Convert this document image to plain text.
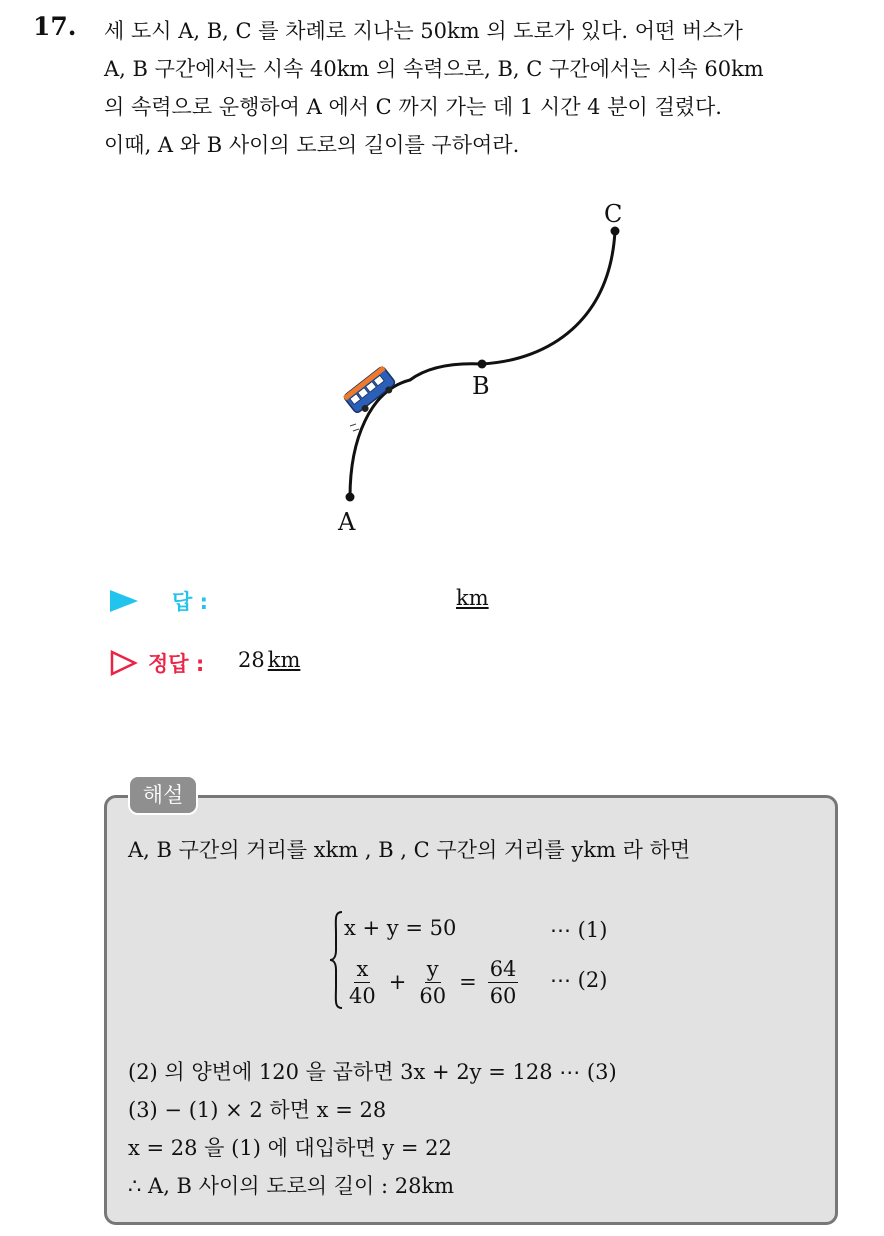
17. 세 도시 A, B, C 를 차례로 지나는 50km 의 도로가 있다. 어떤 버스가
A, B 구간에서는 시속 40km 의 속력으로, B, C 구간에서는 시속 60km
의 속력으로 운행하여 A 에서 C 까지 가는 데 1 시간 4 분이 걸렸다.
이때, A 와 B 사이의 도로의 길이를 구하여라.
A
B
C
답 :	km
정답 : 28 km
해설
A, B 구간의 거리를 xkm , B , C 구간의 거리를 ykm 라 하면
x + y = 50	⋯ (1)
$\frac{x}{40} + \frac{y}{60} = \frac{64}{60}$ ⋯ (2)
(2) 의 양변에 120 을 곱하면 3x + 2y = 128 ⋯ (3)
(3) − (1) × 2 하면 x = 28
x = 28 을 (1) 에 대입하면 y = 22
∴ A, B 사이의 도로의 길이 : 28km
